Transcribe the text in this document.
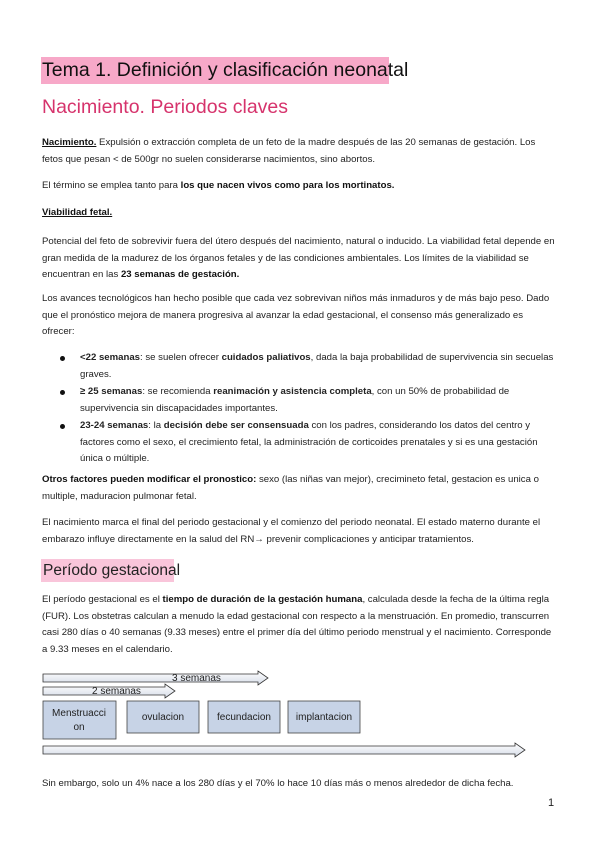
Tema 1. Definición y clasificación neonatal
Nacimiento. Periodos claves

Nacimiento. Expulsión o extracción completa de un feto de la madre después de las 20 semanas de gestación. Los fetos que pesan < de 500gr no suelen considerarse nacimientos, sino abortos.

El término se emplea tanto para los que nacen vivos como para los mortinatos.

Viabilidad fetal.

Potencial del feto de sobrevivir fuera del útero después del nacimiento, natural o inducido. La viabilidad fetal depende en gran medida de la madurez de los órganos fetales y de las condiciones ambientales. Los límites de la viabilidad se encuentran en las 23 semanas de gestación.

Los avances tecnológicos han hecho posible que cada vez sobrevivan niños más inmaduros y de más bajo peso. Dado que el pronóstico mejora de manera progresiva al avanzar la edad gestacional, el consenso más generalizado es ofrecer:

<22 semanas: se suelen ofrecer cuidados paliativos, dada la baja probabilidad de supervivencia sin secuelas graves.
≥ 25 semanas: se recomienda reanimación y asistencia completa, con un 50% de probabilidad de supervivencia sin discapacidades importantes.
23-24 semanas: la decisión debe ser consensuada con los padres, considerando los datos del centro y factores como el sexo, el crecimiento fetal, la administración de corticoides prenatales y si es una gestación única o múltiple.

Otros factores pueden modificar el pronostico: sexo (las niñas van mejor), crecimineto fetal, gestacion es unica o multiple, maduracion pulmonar fetal.

El nacimiento marca el final del periodo gestacional y el comienzo del periodo neonatal. El estado materno durante el embarazo influye directamente en la salud del RN→ prevenir complicaciones y anticipar tratamientos.

Período gestacional

El período gestacional es el tiempo de duración de la gestación humana, calculada desde la fecha de la última regla (FUR). Los obstetras calculan a menudo la edad gestacional con respecto a la menstruación. En promedio, transcurren casi 280 días o 40 semanas (9.33 meses) entre el primer día del último periodo menstrual y el nacimiento. Corresponde a 9.33 meses en el calendario.

3 semanas
2 semanas
Menstruacci
on
ovulacion	fecundacion implantacion

Sin embargo, solo un 4% nace a los 280 días y el 70% lo hace 10 días más o menos alrededor de dicha fecha.

1
